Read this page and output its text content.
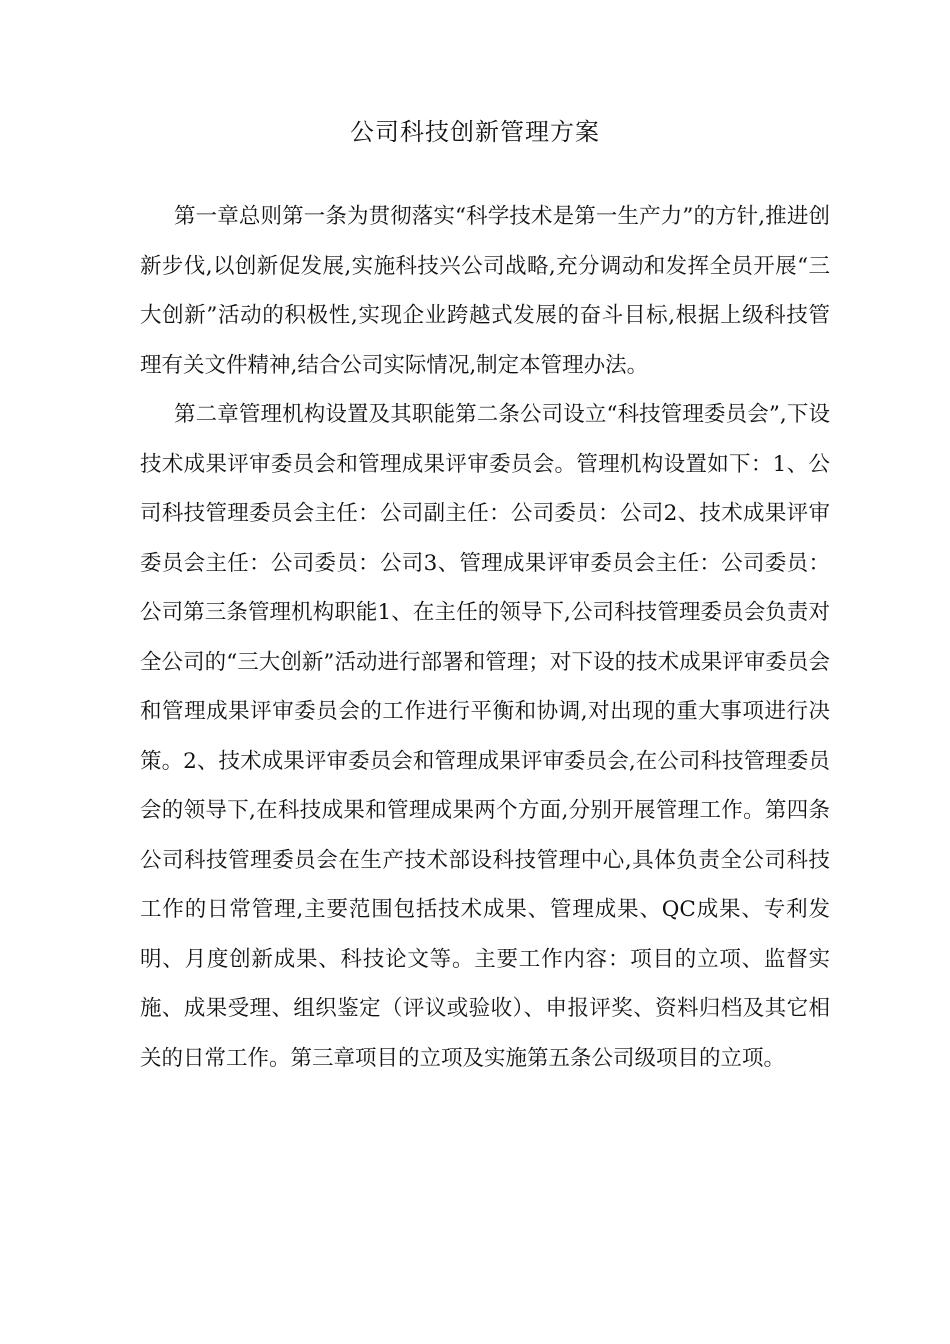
公司科技创新管理方案

第一章总则第一条为贯彻落实“科学技术是第一生产力”的方针,推进创新步伐,以创新促发展,实施科技兴公司战略,充分调动和发挥全员开展“三大创新”活动的积极性,实现企业跨越式发展的奋斗目标,根据上级科技管理有关文件精神,结合公司实际情况,制定本管理办法。

第二章管理机构设置及其职能第二条公司设立“科技管理委员会”,下设技术成果评审委员会和管理成果评审委员会。管理机构设置如下：1、公司科技管理委员会主任：公司副主任：公司委员：公司2、技术成果评审委员会主任：公司委员：公司3、管理成果评审委员会主任：公司委员：公司第三条管理机构职能1、在主任的领导下,公司科技管理委员会负责对全公司的“三大创新”活动进行部署和管理；对下设的技术成果评审委员会和管理成果评审委员会的工作进行平衡和协调,对出现的重大事项进行决策。2、技术成果评审委员会和管理成果评审委员会,在公司科技管理委员会的领导下,在科技成果和管理成果两个方面,分别开展管理工作。第四条公司科技管理委员会在生产技术部设科技管理中心,具体负责全公司科技工作的日常管理,主要范围包括技术成果、管理成果、QC成果、专利发明、月度创新成果、科技论文等。主要工作内容：项目的立项、监督实施、成果受理、组织鉴定（评议或验收）、申报评奖、资料归档及其它相关的日常工作。第三章项目的立项及实施第五条公司级项目的立项。
